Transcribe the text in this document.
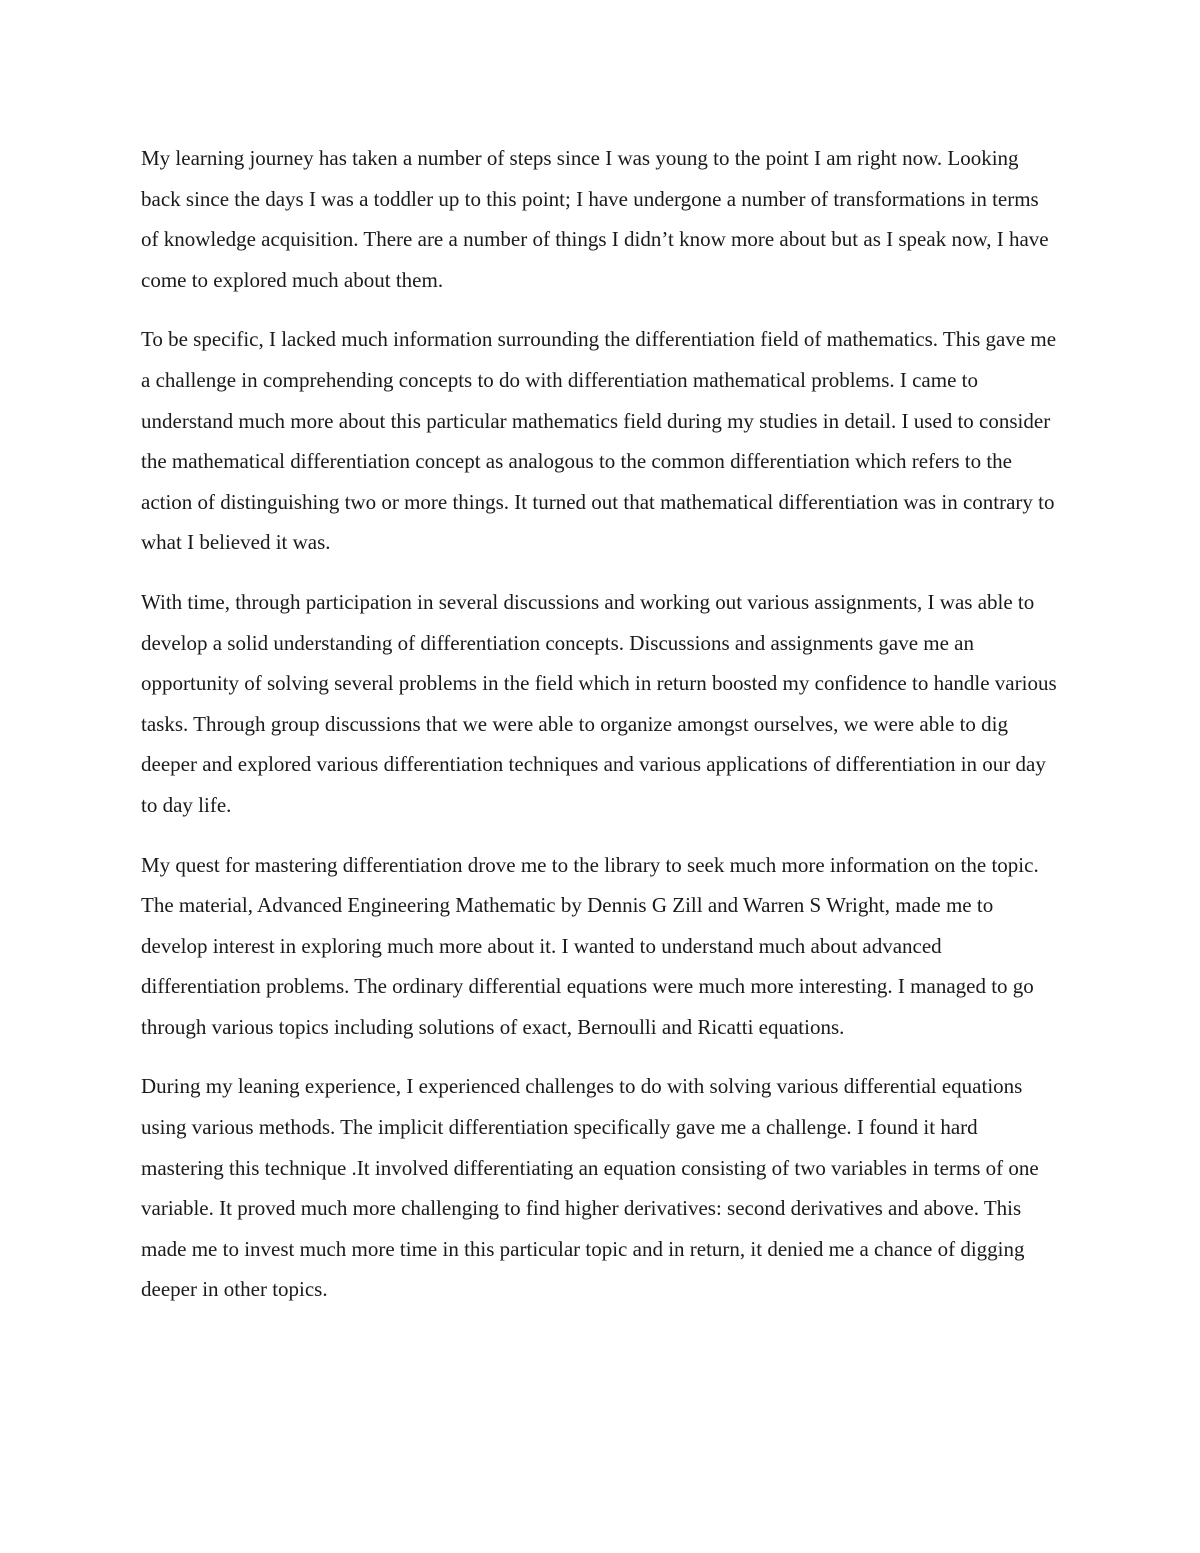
My learning journey has taken a number of steps since I was young to the point I am right now. Looking back since the days I was a toddler up to this point; I have undergone a number of transformations in terms of knowledge acquisition. There are a number of things I didn’t know more about but as I speak now, I have come to explored much about them.

To be specific, I lacked much information surrounding the differentiation field of mathematics. This gave me a challenge in comprehending concepts to do with differentiation mathematical problems. I came to understand much more about this particular mathematics field during my studies in detail. I used to consider the mathematical differentiation concept as analogous to the common differentiation which refers to the action of distinguishing two or more things. It turned out that mathematical differentiation was in contrary to what I believed it was.

With time, through participation in several discussions and working out various assignments, I was able to develop a solid understanding of differentiation concepts. Discussions and assignments gave me an opportunity of solving several problems in the field which in return boosted my confidence to handle various tasks. Through group discussions that we were able to organize amongst ourselves, we were able to dig deeper and explored various differentiation techniques and various applications of differentiation in our day to day life.

My quest for mastering differentiation drove me to the library to seek much more information on the topic. The material, Advanced Engineering Mathematic by Dennis G Zill and Warren S Wright, made me to develop interest in exploring much more about it. I wanted to understand much about advanced differentiation problems. The ordinary differential equations were much more interesting. I managed to go through various topics including solutions of exact, Bernoulli and Ricatti equations.

During my leaning experience, I experienced challenges to do with solving various differential equations using various methods. The implicit differentiation specifically gave me a challenge. I found it hard mastering this technique .It involved differentiating an equation consisting of two variables in terms of one variable. It proved much more challenging to find higher derivatives: second derivatives and above. This made me to invest much more time in this particular topic and in return, it denied me a chance of digging deeper in other topics.
